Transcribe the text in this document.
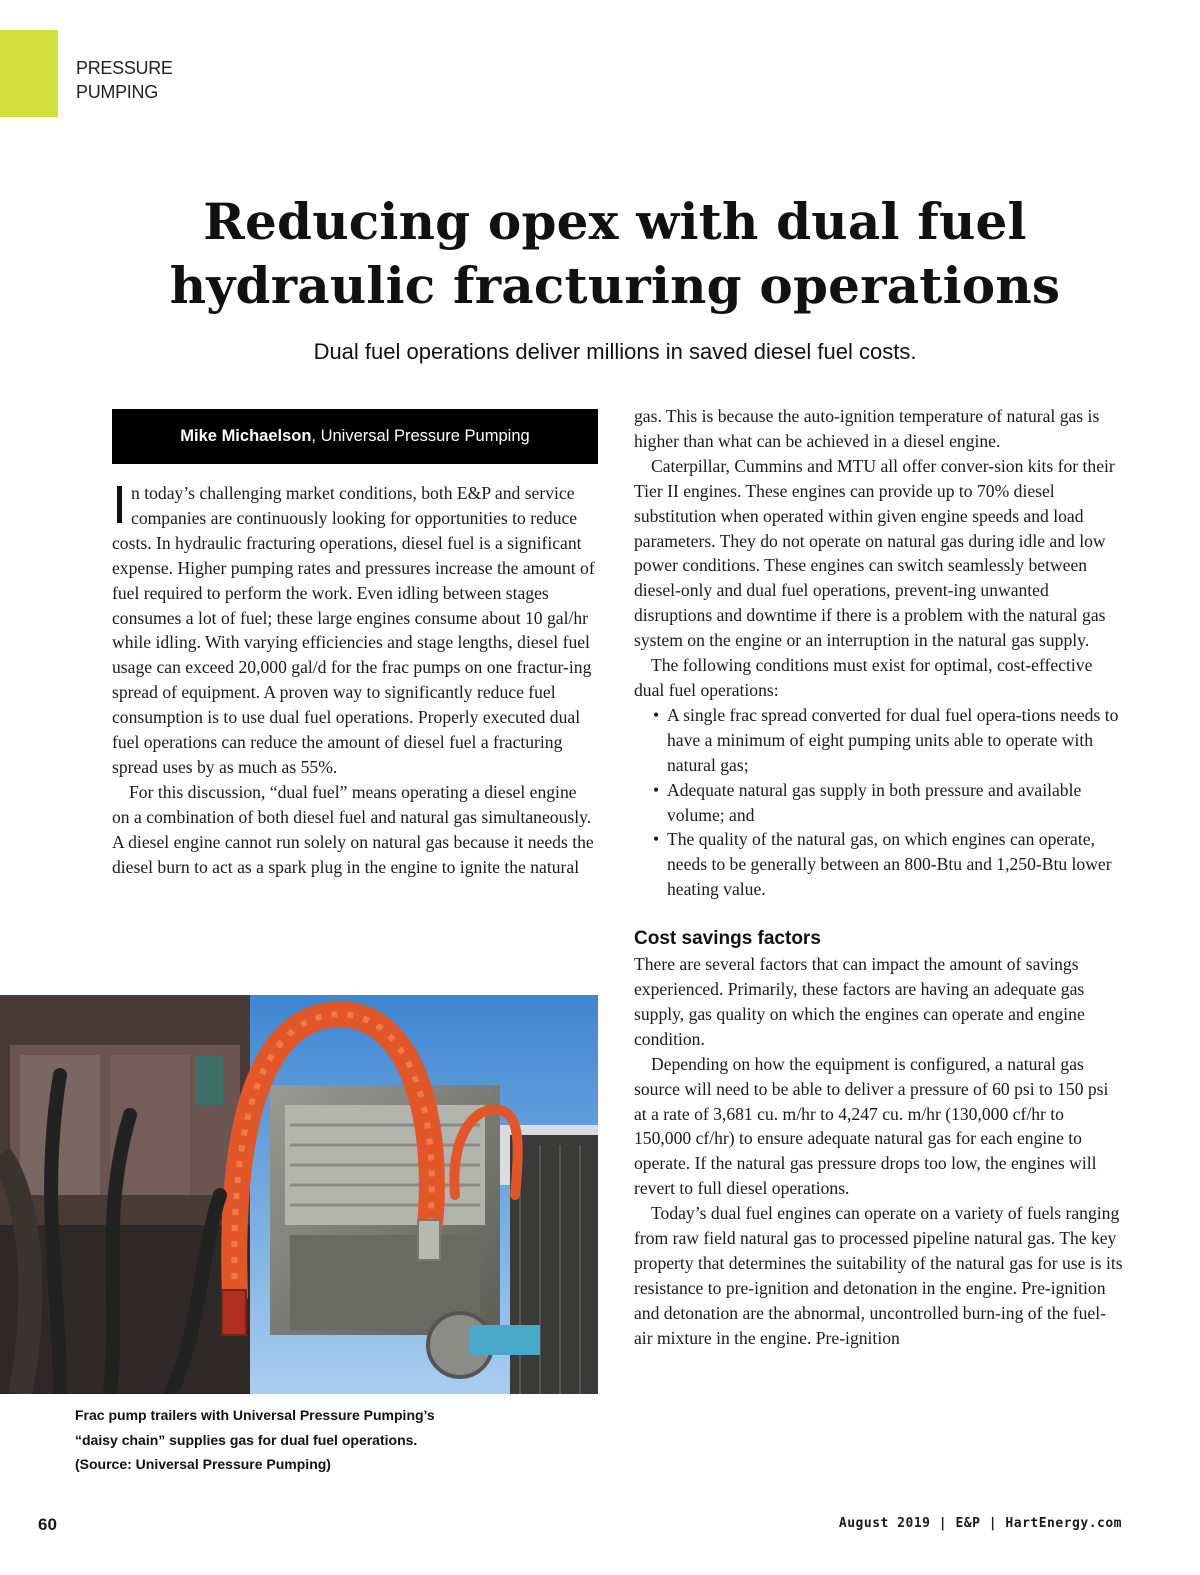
PRESSURE
PUMPING
Reducing opex with dual fuel
hydraulic fracturing operations
Dual fuel operations deliver millions in saved diesel fuel costs.
Mike Michaelson, Universal Pressure Pumping

In today’s challenging market conditions, both E&P and service companies are continuously looking for opportunities to reduce costs. In hydraulic fracturing operations, diesel fuel is a significant expense. Higher pumping rates and pressures increase the amount of fuel required to perform the work. Even idling between stages consumes a lot of fuel; these large engines consume about 10 gal/hr while idling. With varying efficiencies and stage lengths, diesel fuel usage can exceed 20,000 gal/d for the frac pumps on one fractur-ing spread of equipment. A proven way to significantly reduce fuel consumption is to use dual fuel operations. Properly executed dual fuel operations can reduce the amount of diesel fuel a fracturing spread uses by as much as 55%.

For this discussion, “dual fuel” means operating a diesel engine on a combination of both diesel fuel and natural gas simultaneously. A diesel engine cannot run solely on natural gas because it needs the diesel burn to act as a spark plug in the engine to ignite the natural

Frac pump trailers with Universal Pressure Pumping’s
“daisy chain” supplies gas for dual fuel operations.
(Source: Universal Pressure Pumping)

gas. This is because the auto-ignition temperature of natural gas is higher than what can be achieved in a diesel engine.

Caterpillar, Cummins and MTU all offer conver-sion kits for their Tier II engines. These engines can provide up to 70% diesel substitution when operated within given engine speeds and load parameters. They do not operate on natural gas during idle and low power conditions. These engines can switch seamlessly between diesel-only and dual fuel operations, prevent-ing unwanted disruptions and downtime if there is a problem with the natural gas system on the engine or an interruption in the natural gas supply.

The following conditions must exist for optimal, cost-effective dual fuel operations:

• A single frac spread converted for dual fuel opera-tions needs to have a minimum of eight pumping units able to operate with natural gas;
• Adequate natural gas supply in both pressure and available volume; and
• The quality of the natural gas, on which engines can operate, needs to be generally between an 800-Btu and 1,250-Btu lower heating value.
Cost savings factors

There are several factors that can impact the amount of savings experienced. Primarily, these factors are having an adequate gas supply, gas quality on which the engines can operate and engine condition.

Depending on how the equipment is configured, a natural gas source will need to be able to deliver a pressure of 60 psi to 150 psi at a rate of 3,681 cu. m/hr to 4,247 cu. m/hr (130,000 cf/hr to 150,000 cf/hr) to ensure adequate natural gas for each engine to operate. If the natural gas pressure drops too low, the engines will revert to full diesel operations.

Today’s dual fuel engines can operate on a variety of fuels ranging from raw field natural gas to processed pipeline natural gas. The key property that determines the suitability of the natural gas for use is its resistance to pre-ignition and detonation in the engine. Pre-ignition and detonation are the abnormal, uncontrolled burn-ing of the fuel-air mixture in the engine. Pre-ignition

60	August 2019 | E&P | HartEnergy.com
